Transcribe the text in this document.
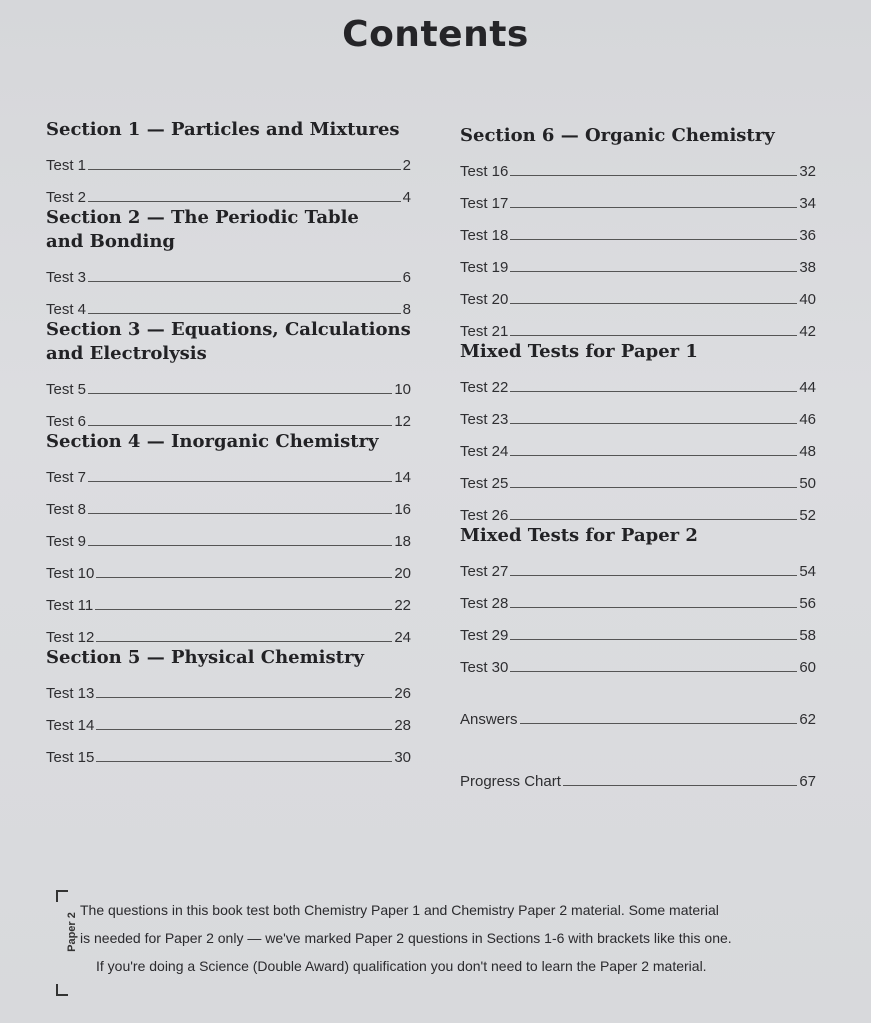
Contents
Section 1 — Particles and Mixtures
Test 1	2
Test 2	4
Section 2 — The Periodic Table
and Bonding
Test 3	6
Test 4	8
Section 3 — Equations, Calculations
and Electrolysis
Test 5	10
Test 6	12
Section 4 — Inorganic Chemistry
Test 7	14
Test 8	16
Test 9	18
Test 10	20
Test 11	22
Test 12	24
Section 5 — Physical Chemistry
Test 13	26
Test 14	28
Test 15	30
Section 6 — Organic Chemistry
Test 16	32
Test 17	34
Test 18	36
Test 19	38
Test 20	40
Test 21	42
Mixed Tests for Paper 1
Test 22	44
Test 23	46
Test 24	48
Test 25	50
Test 26	52
Mixed Tests for Paper 2
Test 27	54
Test 28	56
Test 29	58
Test 30	60
Answers	62
Progress Chart	67
Paper 2
The questions in this book test both Chemistry Paper 1 and Chemistry Paper 2 material. Some material
is needed for Paper 2 only — we've marked Paper 2 questions in Sections 1-6 with brackets like this one.
If you're doing a Science (Double Award) qualification you don't need to learn the Paper 2 material.
